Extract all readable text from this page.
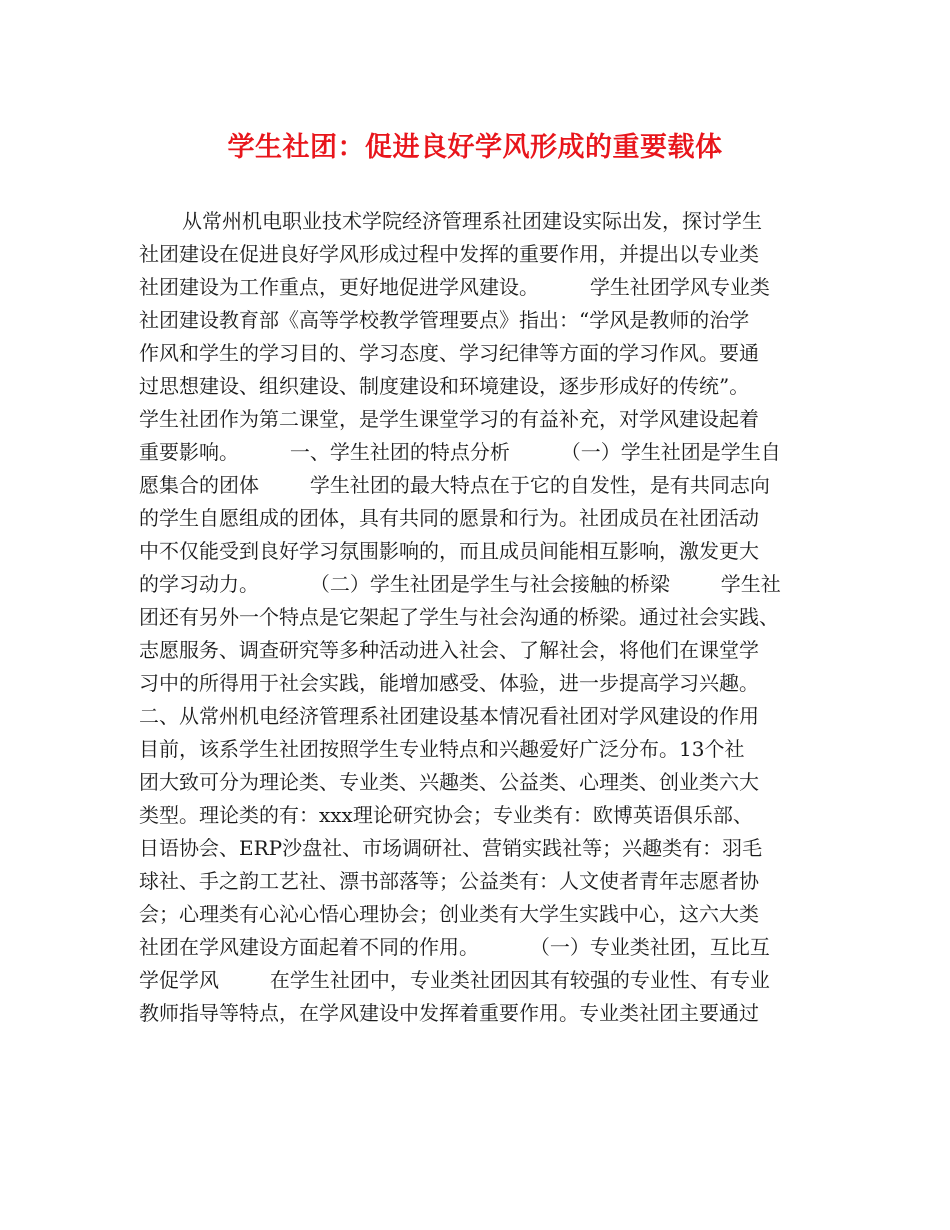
学生社团：促进良好学风形成的重要载体
从常州机电职业技术学院经济管理系社团建设实际出发，探讨学生
社团建设在促进良好学风形成过程中发挥的重要作用，并提出以专业类
社团建设为工作重点，更好地促进学风建设。        学生社团学风专业类
社团建设教育部《高等学校教学管理要点》指出：“学风是教师的治学
作风和学生的学习目的、学习态度、学习纪律等方面的学习作风。要通
过思想建设、组织建设、制度建设和环境建设，逐步形成好的传统”。
学生社团作为第二课堂，是学生课堂学习的有益补充，对学风建设起着
重要影响。        一、学生社团的特点分析        （一）学生社团是学生自
愿集合的团体        学生社团的最大特点在于它的自发性，是有共同志向
的学生自愿组成的团体，具有共同的愿景和行为。社团成员在社团活动
中不仅能受到良好学习氛围影响的，而且成员间能相互影响，激发更大
的学习动力。        （二）学生社团是学生与社会接触的桥梁        学生社
团还有另外一个特点是它架起了学生与社会沟通的桥梁。通过社会实践、
志愿服务、调查研究等多种活动进入社会、了解社会，将他们在课堂学
习中的所得用于社会实践，能增加感受、体验，进一步提高学习兴趣。
二、从常州机电经济管理系社团建设基本情况看社团对学风建设的作用
目前，该系学生社团按照学生专业特点和兴趣爱好广泛分布。13个社
团大致可分为理论类、专业类、兴趣类、公益类、心理类、创业类六大
类型。理论类的有：xxx理论研究协会；专业类有：欧博英语俱乐部、
日语协会、ERP沙盘社、市场调研社、营销实践社等；兴趣类有：羽毛
球社、手之韵工艺社、漂书部落等；公益类有：人文使者青年志愿者协
会；心理类有心沁心悟心理协会；创业类有大学生实践中心，这六大类
社团在学风建设方面起着不同的作用。        （一）专业类社团，互比互
学促学风        在学生社团中，专业类社团因其有较强的专业性、有专业
教师指导等特点，在学风建设中发挥着重要作用。专业类社团主要通过
